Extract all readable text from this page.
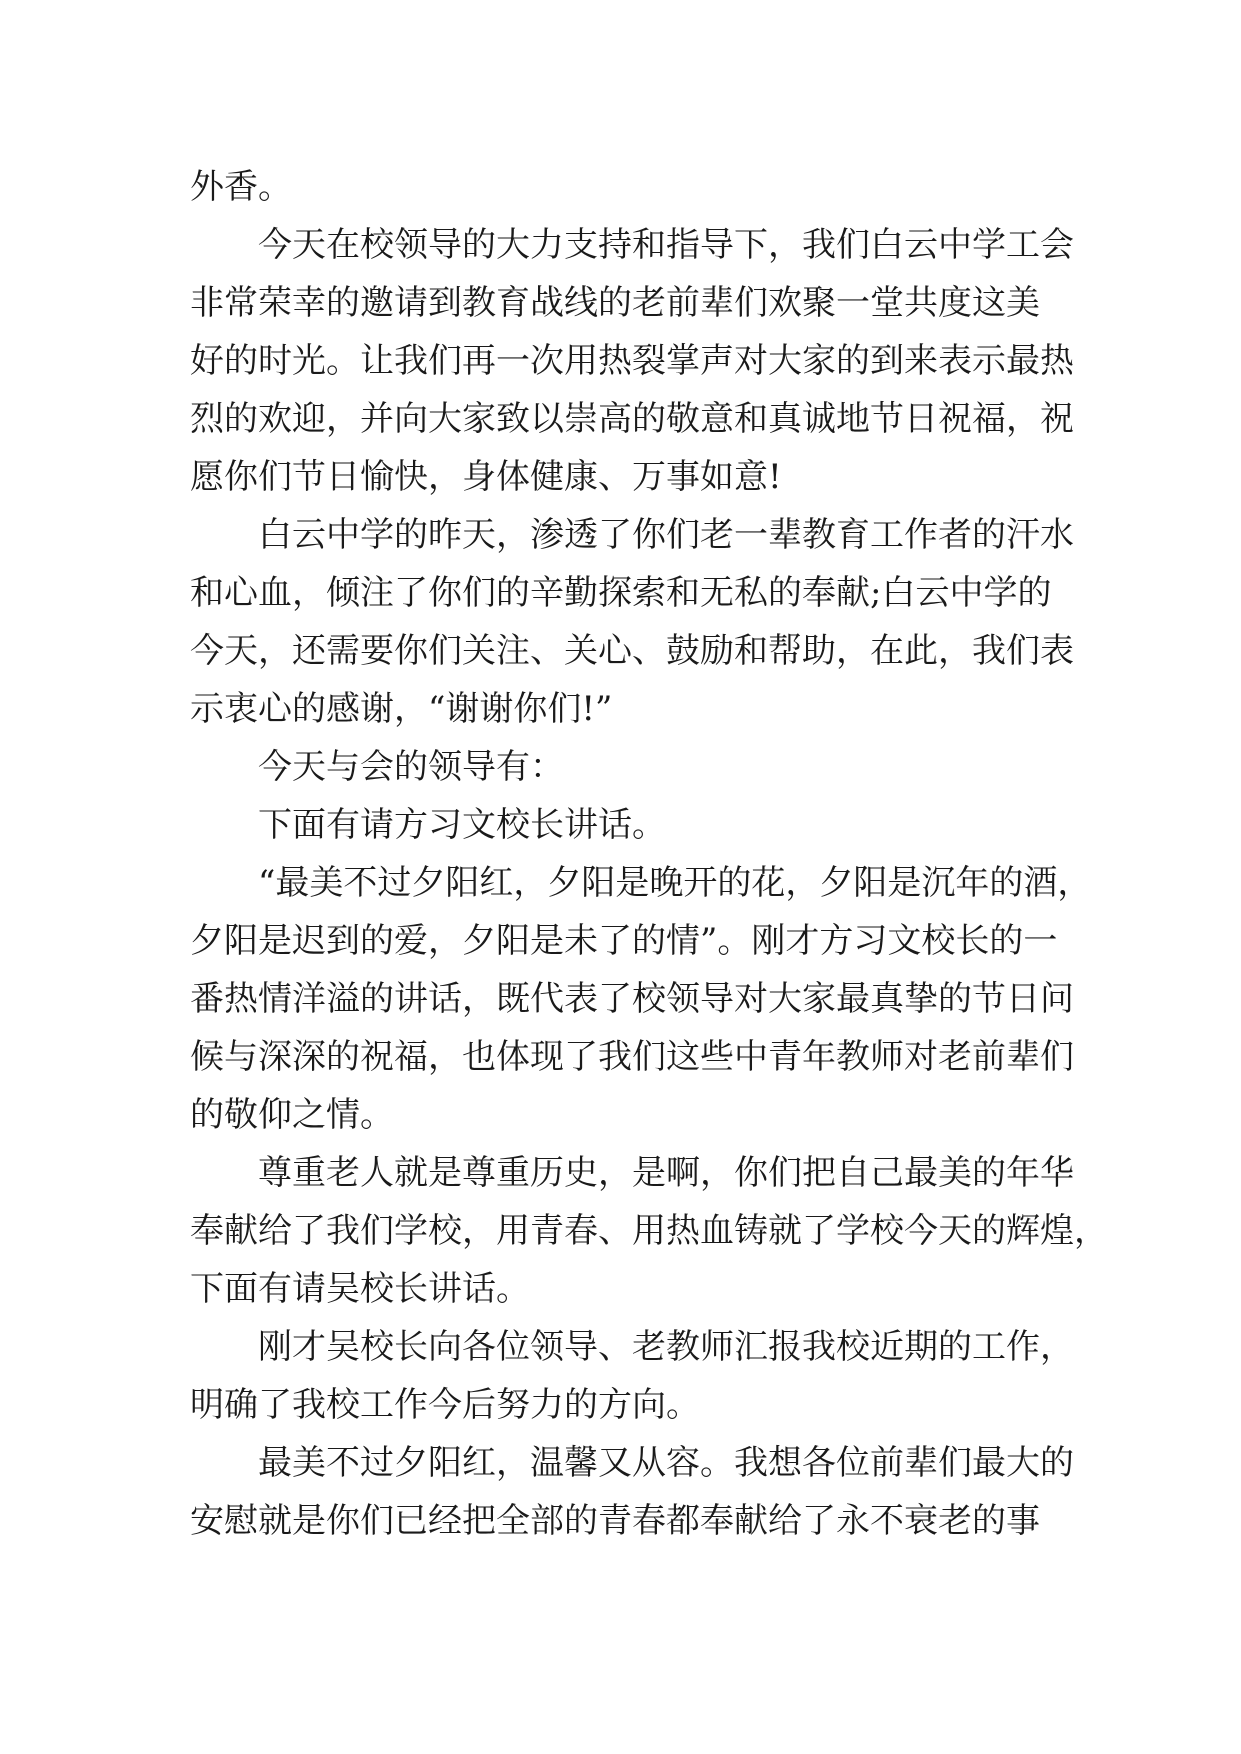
外香。
今天在校领导的大力支持和指导下，我们白云中学工会
非常荣幸的邀请到教育战线的老前辈们欢聚一堂共度这美
好的时光。让我们再一次用热裂掌声对大家的到来表示最热
烈的欢迎，并向大家致以崇高的敬意和真诚地节日祝福，祝
愿你们节日愉快，身体健康、万事如意!
白云中学的昨天，渗透了你们老一辈教育工作者的汗水
和心血，倾注了你们的辛勤探索和无私的奉献;白云中学的
今天，还需要你们关注、关心、鼓励和帮助，在此，我们表
示衷心的感谢，“谢谢你们!”
今天与会的领导有：
下面有请方习文校长讲话。
“最美不过夕阳红，夕阳是晚开的花，夕阳是沉年的酒，
夕阳是迟到的爱，夕阳是未了的情”。刚才方习文校长的一
番热情洋溢的讲话，既代表了校领导对大家最真挚的节日问
候与深深的祝福，也体现了我们这些中青年教师对老前辈们
的敬仰之情。
尊重老人就是尊重历史，是啊，你们把自己最美的年华
奉献给了我们学校，用青春、用热血铸就了学校今天的辉煌，
下面有请吴校长讲话。
刚才吴校长向各位领导、老教师汇报我校近期的工作，
明确了我校工作今后努力的方向。
最美不过夕阳红，温馨又从容。我想各位前辈们最大的
安慰就是你们已经把全部的青春都奉献给了永不衰老的事
